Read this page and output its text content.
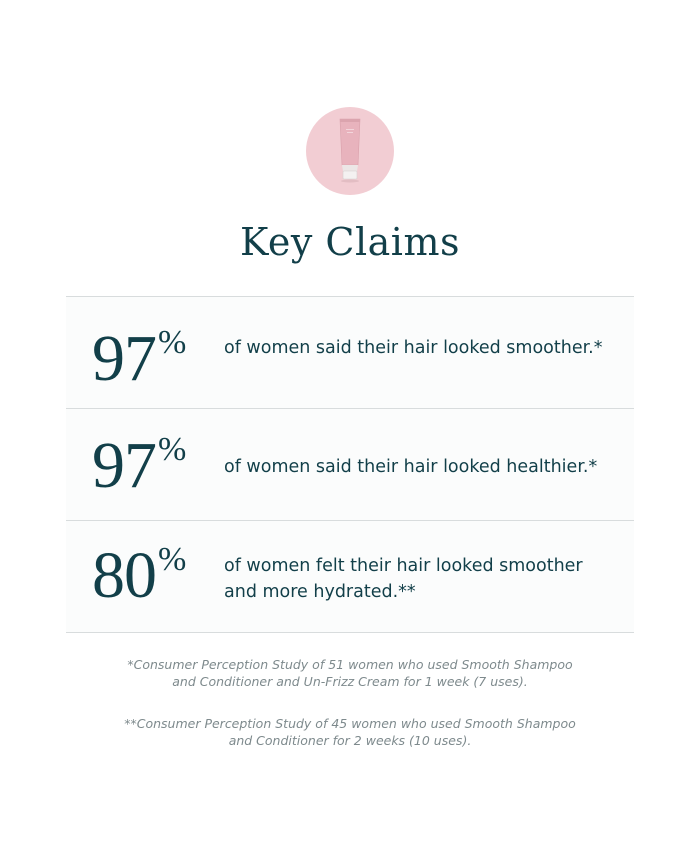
Key Claims
97% of women said their hair looked smoother.*
97% of women said their hair looked healthier.*
80% of women felt their hair looked smoother
and more hydrated.**
*Consumer Perception Study of 51 women who used Smooth Shampoo
and Conditioner and Un-Frizz Cream for 1 week (7 uses).
**Consumer Perception Study of 45 women who used Smooth Shampoo
and Conditioner for 2 weeks (10 uses).
